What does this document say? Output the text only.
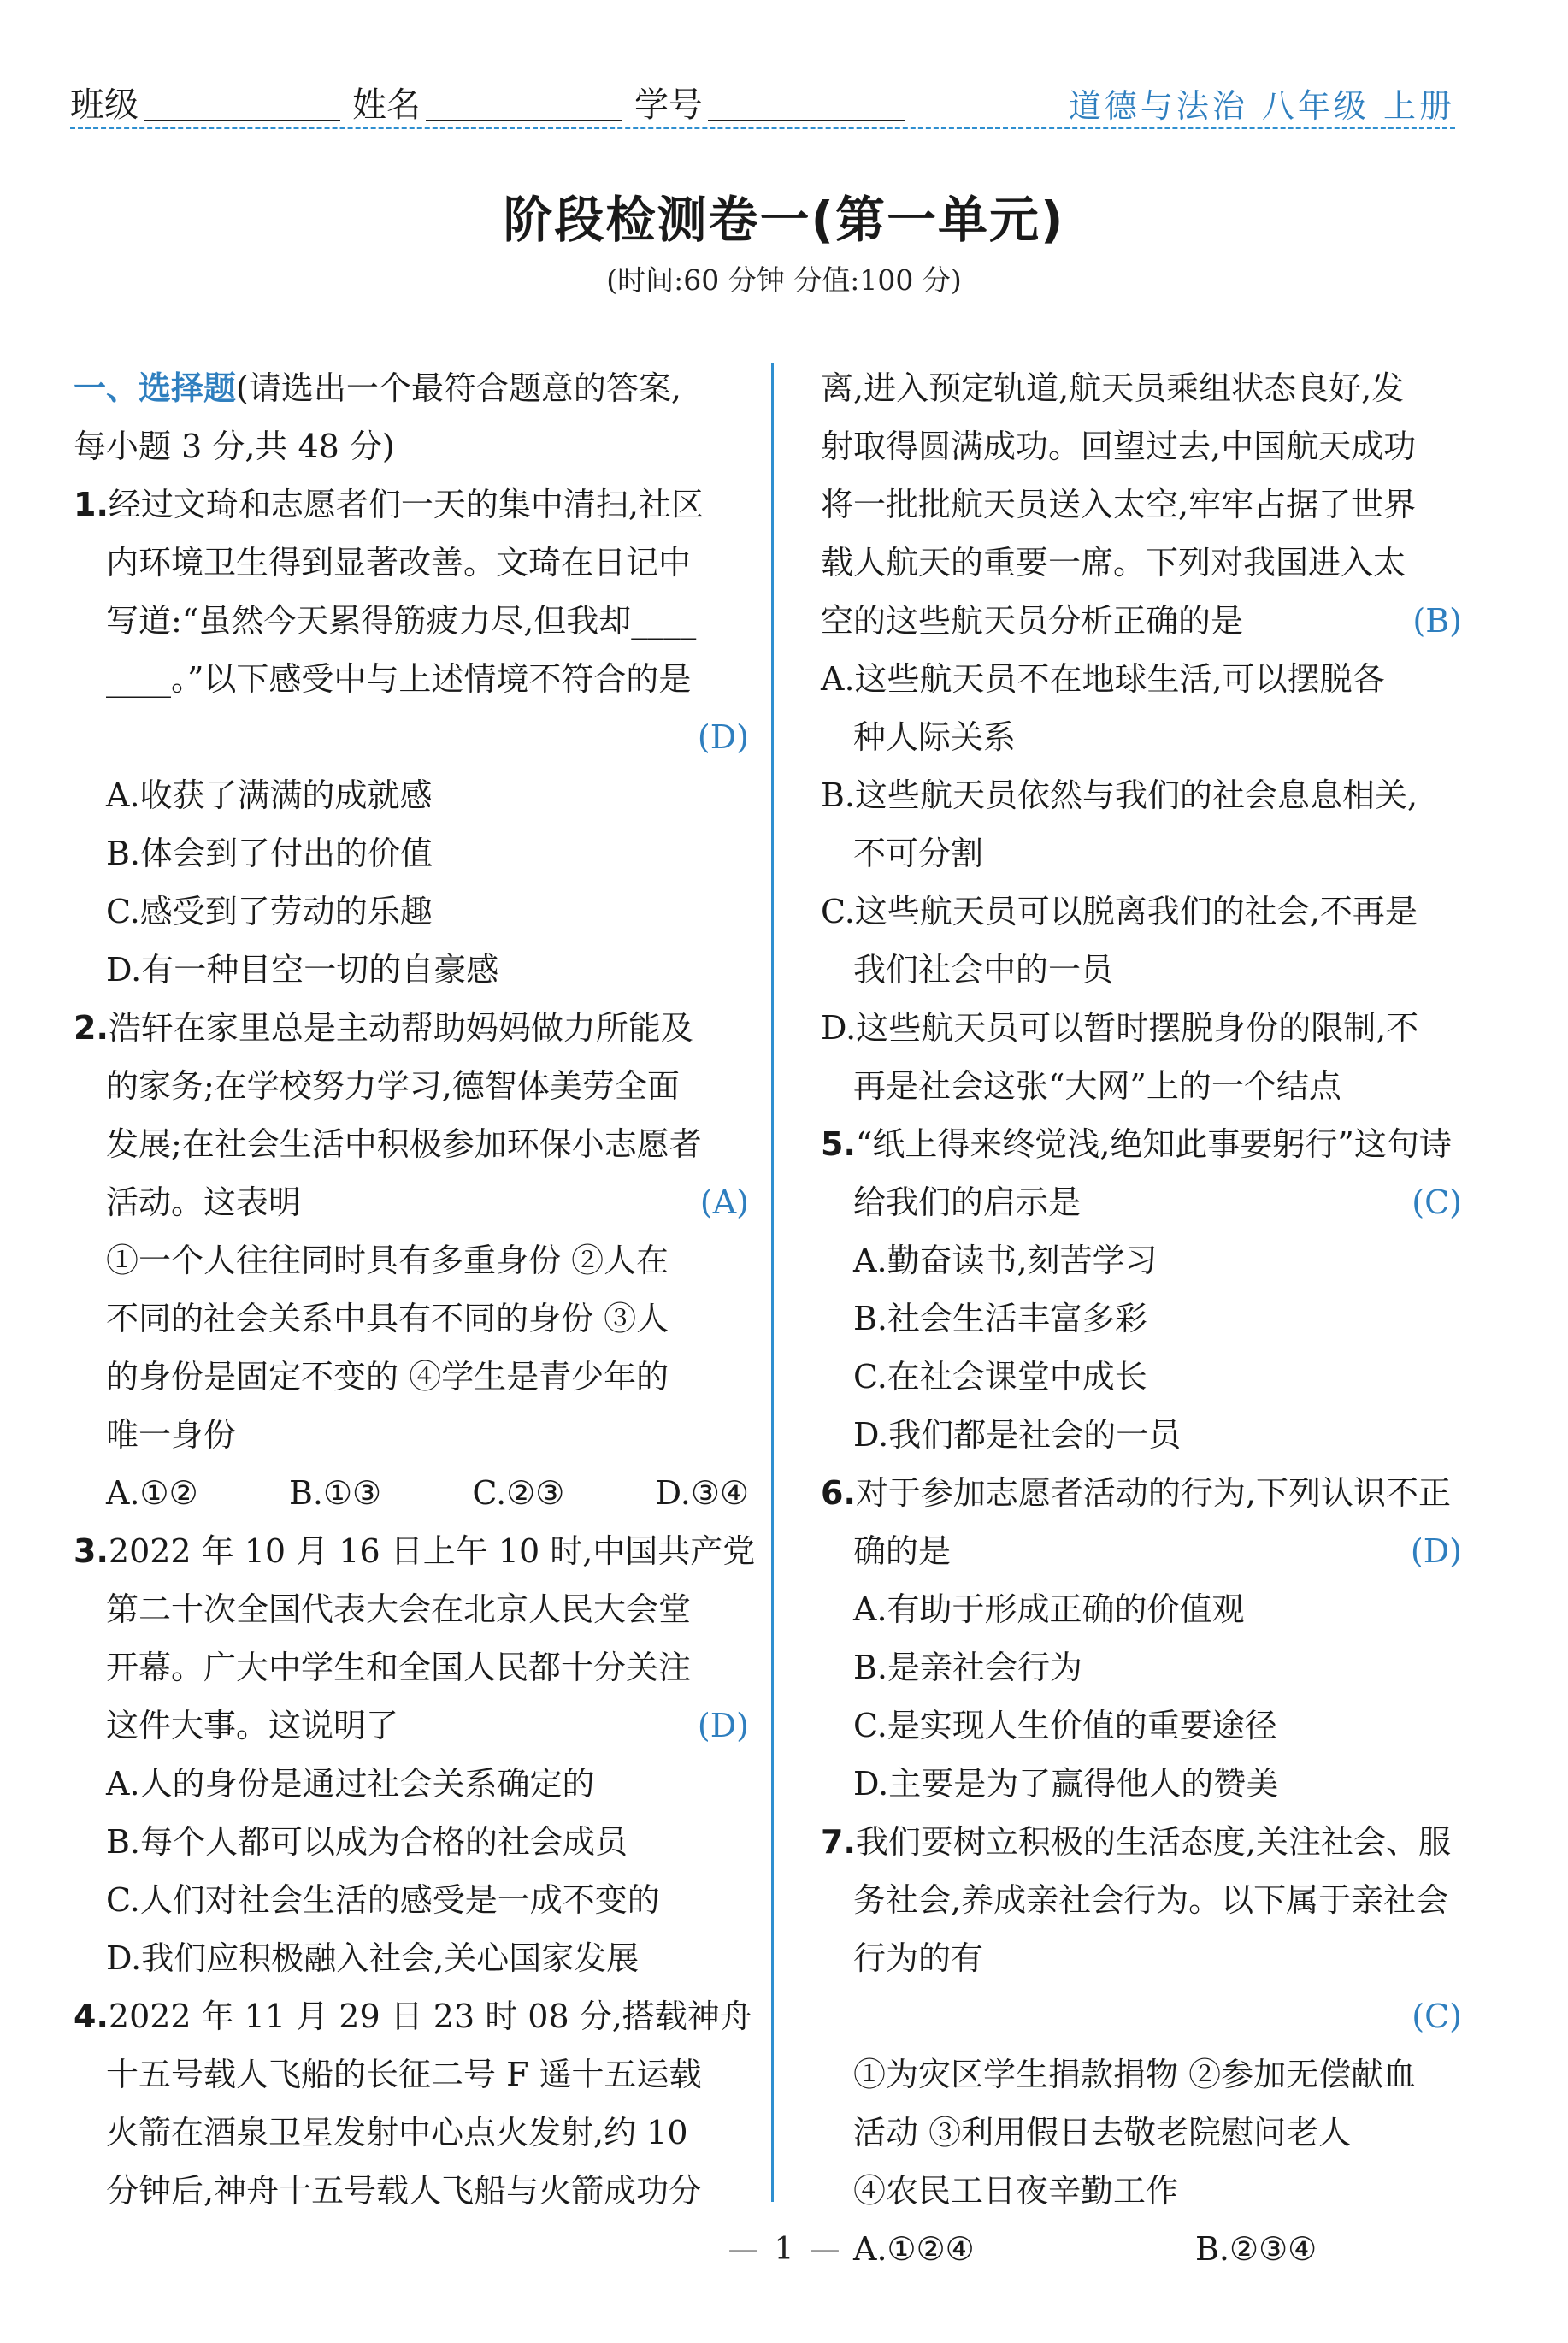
班级	姓名	学号	道德与法治 八年级 上册
阶段检测卷一(第一单元)
(时间:60 分钟 分值:100 分)
一、选择题(请选出一个最符合题意的答案,
每小题 3 分,共 48 分)
1.经过文琦和志愿者们一天的集中清扫,社区
内环境卫生得到显著改善。文琦在日记中
写道:“虽然今天累得筋疲力尽,但我却____
____。”以下感受中与上述情境不符合的是
(D)
A.收获了满满的成就感
B.体会到了付出的价值
C.感受到了劳动的乐趣
D.有一种目空一切的自豪感
2.浩轩在家里总是主动帮助妈妈做力所能及
的家务;在学校努力学习,德智体美劳全面
发展;在社会生活中积极参加环保小志愿者
活动。这表明	(A)
①一个人往往同时具有多重身份 ②人在
不同的社会关系中具有不同的身份 ③人
的身份是固定不变的 ④学生是青少年的
唯一身份
A.①②	B.①③	C.②③	D.③④
3.2022 年 10 月 16 日上午 10 时,中国共产党
第二十次全国代表大会在北京人民大会堂
开幕。广大中学生和全国人民都十分关注
这件大事。这说明了	(D)
A.人的身份是通过社会关系确定的
B.每个人都可以成为合格的社会成员
C.人们对社会生活的感受是一成不变的
D.我们应积极融入社会,关心国家发展
4.2022 年 11 月 29 日 23 时 08 分,搭载神舟
十五号载人飞船的长征二号 F 遥十五运载
火箭在酒泉卫星发射中心点火发射,约 10
分钟后,神舟十五号载人飞船与火箭成功分
离,进入预定轨道,航天员乘组状态良好,发
射取得圆满成功。回望过去,中国航天成功
将一批批航天员送入太空,牢牢占据了世界
载人航天的重要一席。下列对我国进入太
空的这些航天员分析正确的是	(B)
A.这些航天员不在地球生活,可以摆脱各
种人际关系
B.这些航天员依然与我们的社会息息相关,
不可分割
C.这些航天员可以脱离我们的社会,不再是
我们社会中的一员
D.这些航天员可以暂时摆脱身份的限制,不
再是社会这张“大网”上的一个结点
5.“纸上得来终觉浅,绝知此事要躬行”这句诗
给我们的启示是	(C)
A.勤奋读书,刻苦学习
B.社会生活丰富多彩
C.在社会课堂中成长
D.我们都是社会的一员
6.对于参加志愿者活动的行为,下列认识不正
确的是	(D)
A.有助于形成正确的价值观
B.是亲社会行为
C.是实现人生价值的重要途径
D.主要是为了赢得他人的赞美
7.我们要树立积极的生活态度,关注社会、服
务社会,养成亲社会行为。以下属于亲社会
行为的有
(C)
①为灾区学生捐款捐物 ②参加无偿献血
活动 ③利用假日去敬老院慰问老人
④农民工日夜辛勤工作
A.①②④	B.②③④
— 1 —
